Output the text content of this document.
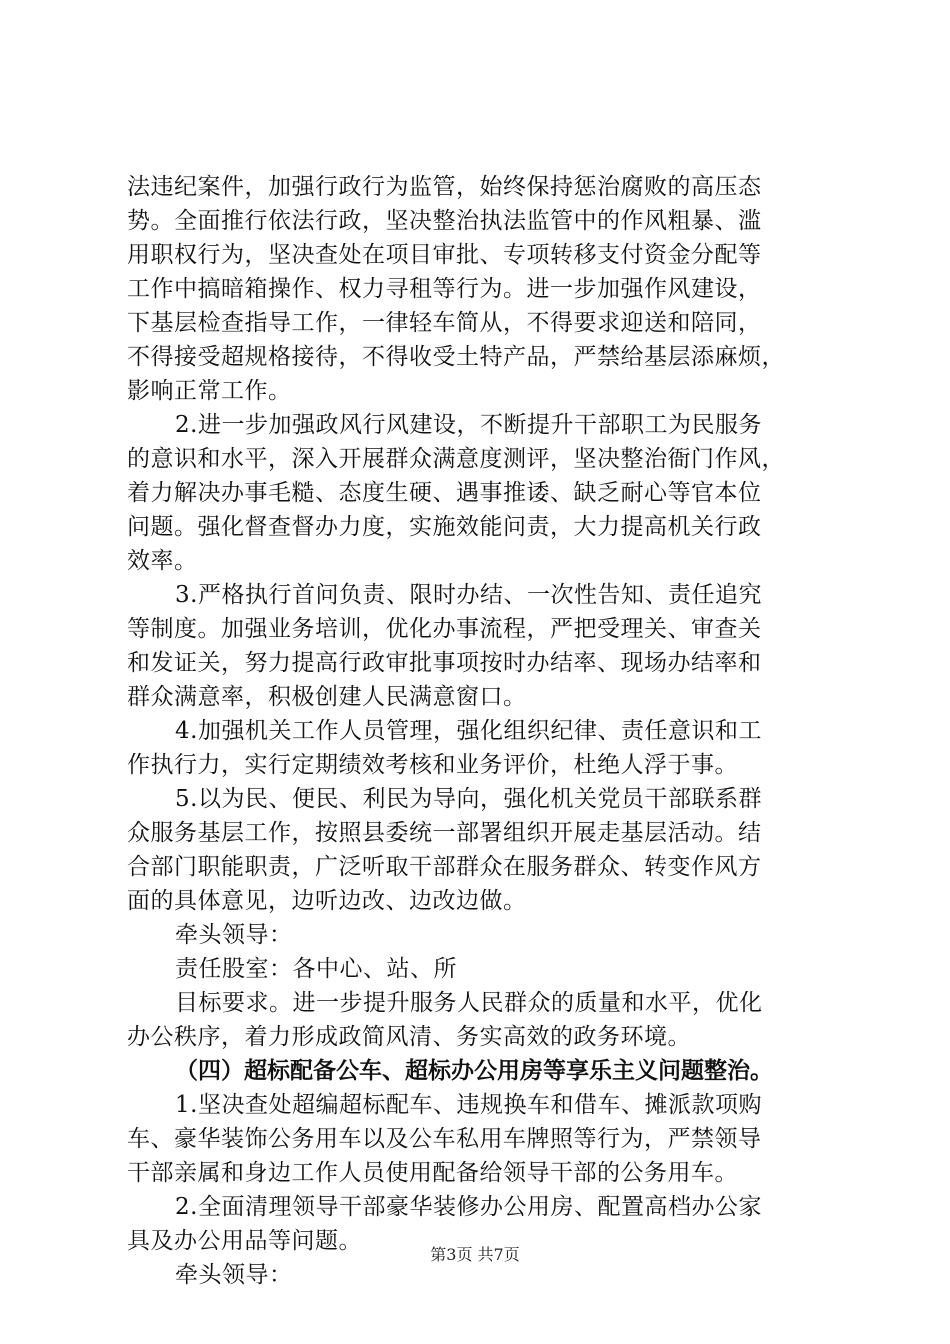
法违纪案件，加强行政行为监管，始终保持惩治腐败的高压态
势。全面推行依法行政，坚决整治执法监管中的作风粗暴、滥
用职权行为，坚决查处在项目审批、专项转移支付资金分配等
工作中搞暗箱操作、权力寻租等行为。进一步加强作风建设，
下基层检查指导工作，一律轻车简从，不得要求迎送和陪同，
不得接受超规格接待，不得收受土特产品，严禁给基层添麻烦，
影响正常工作。
2.进一步加强政风行风建设，不断提升干部职工为民服务
的意识和水平，深入开展群众满意度测评，坚决整治衙门作风，
着力解决办事毛糙、态度生硬、遇事推诿、缺乏耐心等官本位
问题。强化督查督办力度，实施效能问责，大力提高机关行政
效率。
3.严格执行首问负责、限时办结、一次性告知、责任追究
等制度。加强业务培训，优化办事流程，严把受理关、审查关
和发证关，努力提高行政审批事项按时办结率、现场办结率和
群众满意率，积极创建人民满意窗口。
4.加强机关工作人员管理，强化组织纪律、责任意识和工
作执行力，实行定期绩效考核和业务评价，杜绝人浮于事。
5.以为民、便民、利民为导向，强化机关党员干部联系群
众服务基层工作，按照县委统一部署组织开展走基层活动。结
合部门职能职责，广泛听取干部群众在服务群众、转变作风方
面的具体意见，边听边改、边改边做。
牵头领导：
责任股室：各中心、站、所
目标要求。进一步提升服务人民群众的质量和水平，优化
办公秩序，着力形成政简风清、务实高效的政务环境。
（四）超标配备公车、超标办公用房等享乐主义问题整治。
1.坚决查处超编超标配车、违规换车和借车、摊派款项购
车、豪华装饰公务用车以及公车私用车牌照等行为，严禁领导
干部亲属和身边工作人员使用配备给领导干部的公务用车。
2.全面清理领导干部豪华装修办公用房、配置高档办公家
具及办公用品等问题。
牵头领导：
第3页 共7页
